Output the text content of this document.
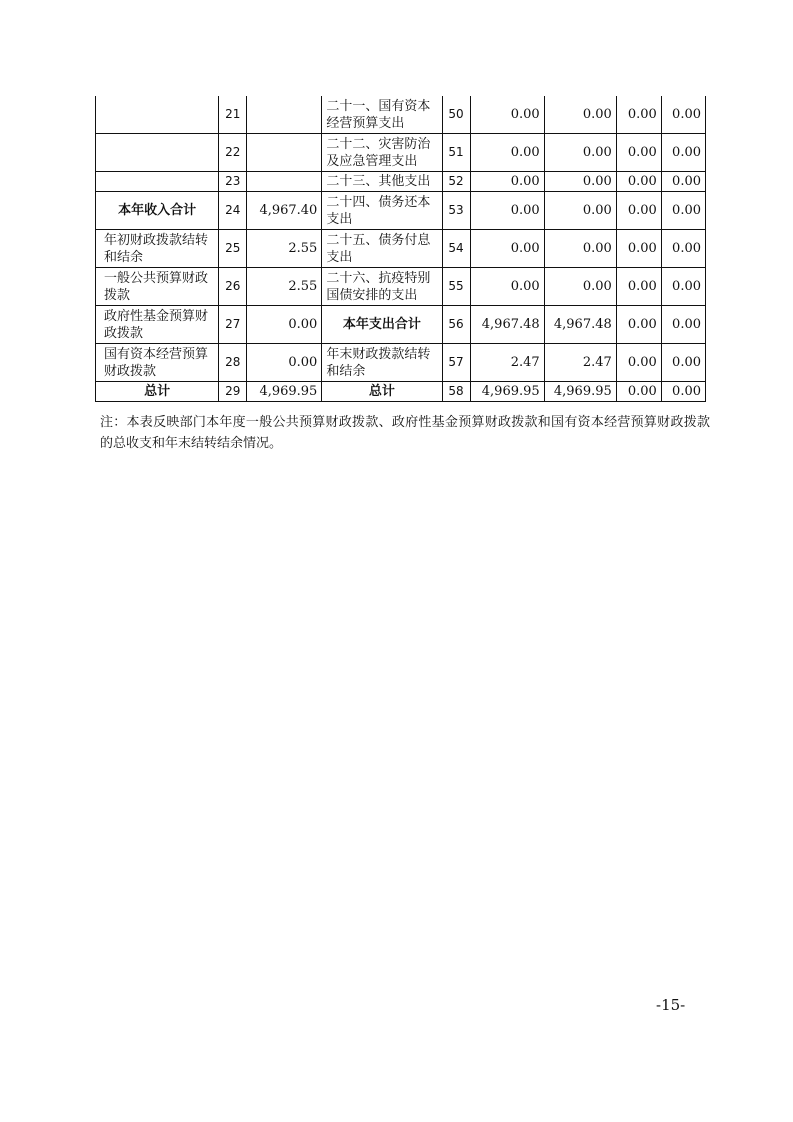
	21		二十一、国有资本经营预算支出	50	0.00	0.00	0.00	0.00
	22		二十二、灾害防治及应急管理支出	51	0.00	0.00	0.00	0.00
	23		二十三、其他支出	52	0.00	0.00	0.00	0.00
本年收入合计	24	4,967.40	二十四、债务还本支出	53	0.00	0.00	0.00	0.00
年初财政拨款结转和结余	25	2.55	二十五、债务付息支出	54	0.00	0.00	0.00	0.00
一般公共预算财政拨款	26	2.55	二十六、抗疫特别国债安排的支出	55	0.00	0.00	0.00	0.00
政府性基金预算财政拨款	27	0.00	本年支出合计	56	4,967.48	4,967.48	0.00	0.00
国有资本经营预算财政拨款	28	0.00	年末财政拨款结转和结余	57	2.47	2.47	0.00	0.00
总计	29	4,969.95	总计	58	4,969.95	4,969.95	0.00	0.00
注：本表反映部门本年度一般公共预算财政拨款、政府性基金预算财政拨款和国有资本经营预算财政拨款的总收支和年末结转结余情况。
-15-
